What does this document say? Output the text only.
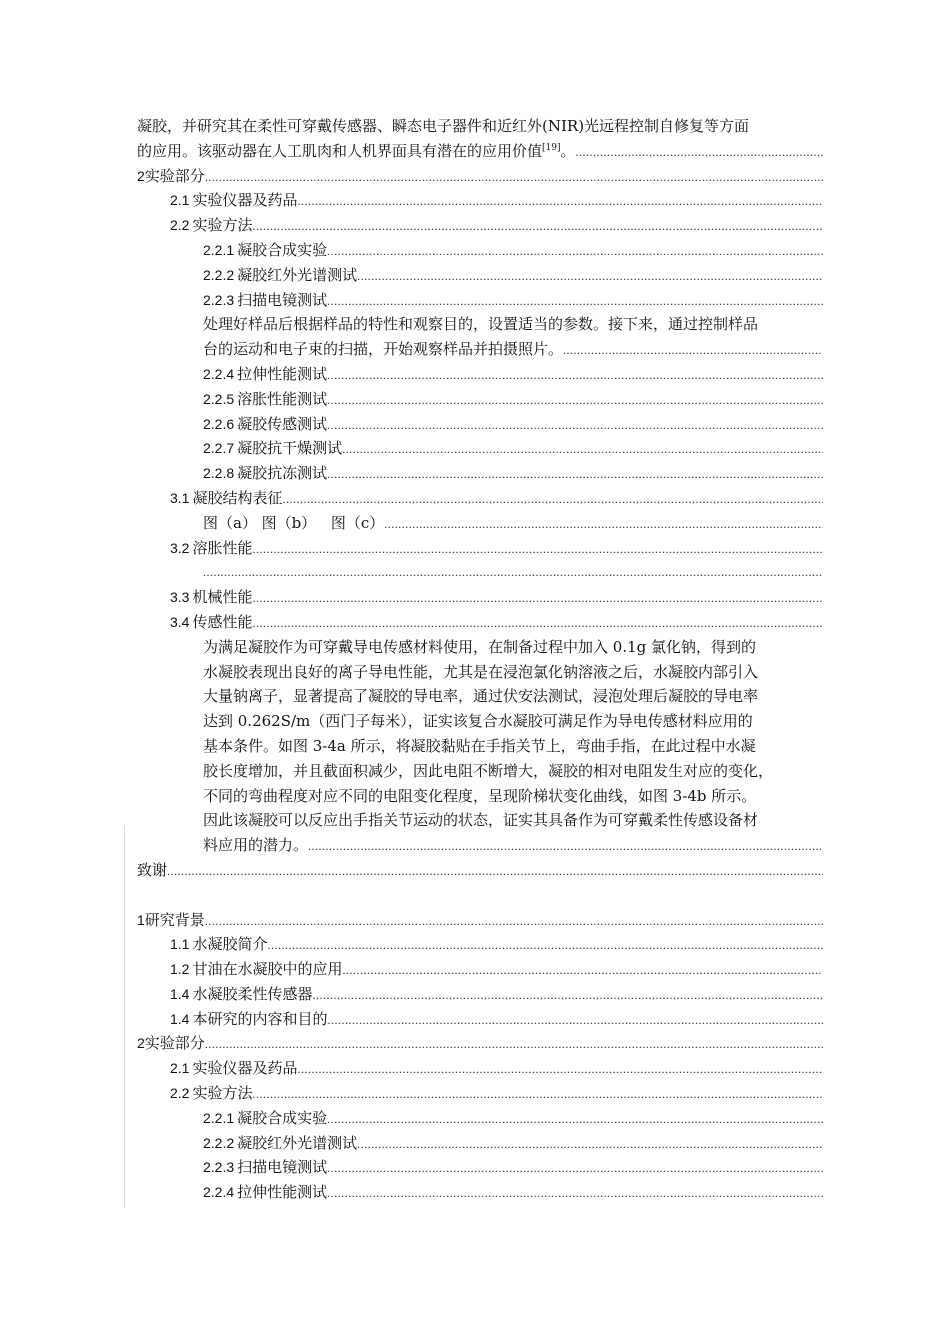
凝胶，并研究其在柔性可穿戴传感器、瞬态电子器件和近红外(NIR)光远程控制自修复等方面
的应用。该驱动器在人工肌肉和人机界面具有潜在的应用价值[19]。
.....
2 实验部分
.....
2.1 实验仪器及药品
.....
2.2 实验方法
.....
2.2.1 凝胶合成实验
.....
2.2.2 凝胶红外光谱测试
.....
2.2.3 扫描电镜测试
.....
处理好样品后根据样品的特性和观察目的，设置适当的参数。接下来，通过控制样品
台的运动和电子束的扫描，开始观察样品并拍摄照片。
.....
2.2.4 拉伸性能测试
.....
2.2.5 溶胀性能测试
.....
2.2.6 凝胶传感测试
.....
2.2.7 凝胶抗干燥测试
.....
2.2.8 凝胶抗冻测试
.....
3.1 凝胶结构表征
.....
图（a） 图（b） 图（c）
.....
3.2 溶胀性能
.....
.....
3.3 机械性能
.....
3.4 传感性能
.....
为满足凝胶作为可穿戴导电传感材料使用，在制备过程中加入 0.1g 氯化钠，得到的
水凝胶表现出良好的离子导电性能，尤其是在浸泡氯化钠溶液之后，水凝胶内部引入
大量钠离子，显著提高了凝胶的导电率，通过伏安法测试，浸泡处理后凝胶的导电率
达到 0.262S/m（西门子每米），证实该复合水凝胶可满足作为导电传感材料应用的
基本条件。如图 3-4a 所示，将凝胶黏贴在手指关节上，弯曲手指，在此过程中水凝
胶长度增加，并且截面积减少，因此电阻不断增大，凝胶的相对电阻发生对应的变化，
不同的弯曲程度对应不同的电阻变化程度，呈现阶梯状变化曲线，如图 3-4b 所示。
因此该凝胶可以反应出手指关节运动的状态，证实其具备作为可穿戴柔性传感设备材
料应用的潜力。
.....
致谢
.....
1 研究背景
.....
1.1 水凝胶简介
.....
1.2 甘油在水凝胶中的应用
.....
1.4 水凝胶柔性传感器
.....
1.4 本研究的内容和目的
.....
2 实验部分
.....
2.1 实验仪器及药品
.....
2.2 实验方法
.....
2.2.1 凝胶合成实验
.....
2.2.2 凝胶红外光谱测试
.....
2.2.3 扫描电镜测试
.....
2.2.4 拉伸性能测试
.....
